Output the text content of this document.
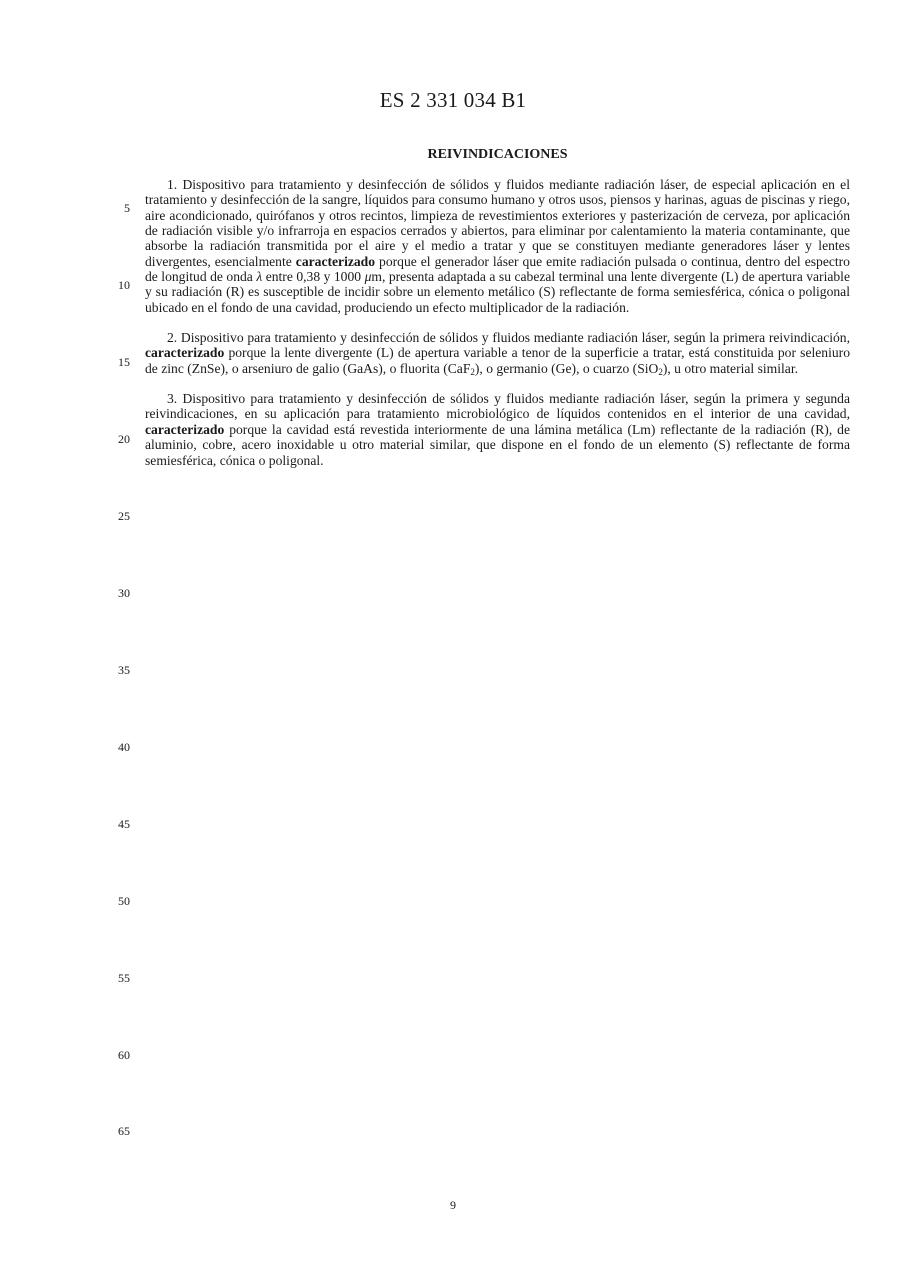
ES 2 331 034 B1
REIVINDICACIONES

1. Dispositivo para tratamiento y desinfección de sólidos y fluidos mediante radiación láser, de especial aplicación en el tratamiento y desinfección de la sangre, líquidos para consumo humano y otros usos, piensos y harinas, aguas de piscinas y riego, aire acondicionado, quirófanos y otros recintos, limpieza de revestimientos exteriores y pasterización de cerveza, por aplicación de radiación visible y/o infrarroja en espacios cerrados y abiertos, para eliminar por calentamiento la materia contaminante, que absorbe la radiación transmitida por el aire y el medio a tratar y que se constituyen mediante generadores láser y lentes divergentes, esencialmente caracterizado porque el generador láser que emite radiación pulsada o continua, dentro del espectro de longitud de onda λ entre 0,38 y 1000 μm, presenta adaptada a su cabezal terminal una lente divergente (L) de apertura variable y su radiación (R) es susceptible de incidir sobre un elemento metálico (S) reflectante de forma semiesférica, cónica o poligonal ubicado en el fondo de una cavidad, produciendo un efecto multiplicador de la radiación.

2. Dispositivo para tratamiento y desinfección de sólidos y fluidos mediante radiación láser, según la primera reivindicación, caracterizado porque la lente divergente (L) de apertura variable a tenor de la superficie a tratar, está constituida por seleniuro de zinc (ZnSe), o arseniuro de galio (GaAs), o fluorita (CaF$_2$), o germanio (Ge), o cuarzo (SiO$_2$), u otro material similar.

3. Dispositivo para tratamiento y desinfección de sólidos y fluidos mediante radiación láser, según la primera y segunda reivindicaciones, en su aplicación para tratamiento microbiológico de líquidos contenidos en el interior de una cavidad, caracterizado porque la cavidad está revestida interiormente de una lámina metálica (Lm) reflectante de la radiación (R), de aluminio, cobre, acero inoxidable u otro material similar, que dispone en el fondo de un elemento (S) reflectante de forma semiesférica, cónica o poligonal.

5
10
15
20
25
30
35
40
45
50
55
60
65
9
